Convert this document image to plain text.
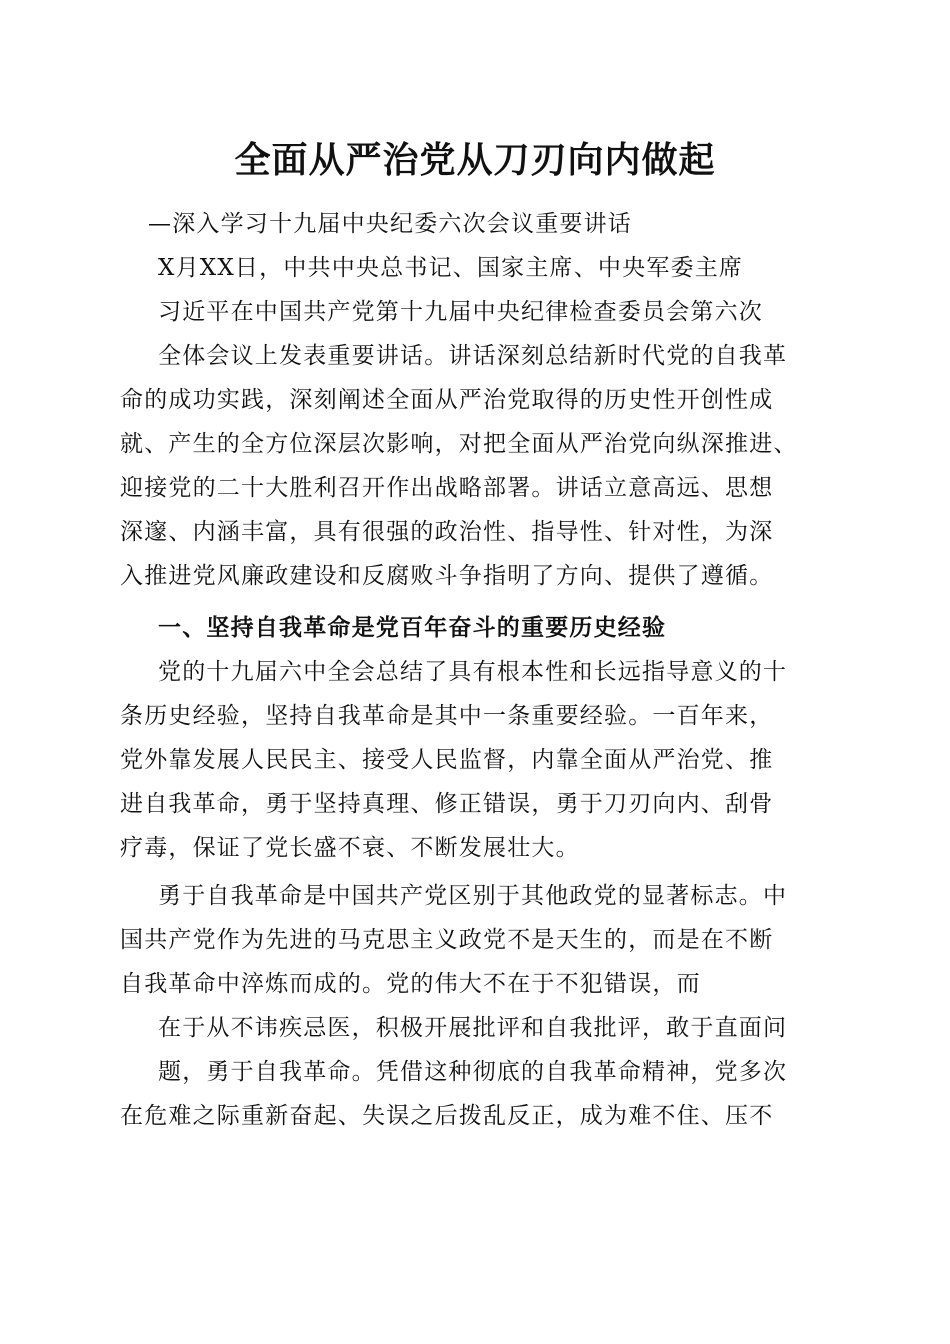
全面从严治党从刀刃向内做起

—深入学习十九届中央纪委六次会议重要讲话

X月XX日，中共中央总书记、国家主席、中央军委主席

习近平在中国共产党第十九届中央纪律检查委员会第六次

全体会议上发表重要讲话。讲话深刻总结新时代党的自我革

命的成功实践，深刻阐述全面从严治党取得的历史性开创性成

就、产生的全方位深层次影响，对把全面从严治党向纵深推进、

迎接党的二十大胜利召开作出战略部署。讲话立意高远、思想

深邃、内涵丰富，具有很强的政治性、指导性、针对性，为深

入推进党风廉政建设和反腐败斗争指明了方向、提供了遵循。

一、坚持自我革命是党百年奋斗的重要历史经验

党的十九届六中全会总结了具有根本性和长远指导意义的十

条历史经验，坚持自我革命是其中一条重要经验。一百年来，

党外靠发展人民民主、接受人民监督，内靠全面从严治党、推

进自我革命，勇于坚持真理、修正错误，勇于刀刃向内、刮骨

疗毒，保证了党长盛不衰、不断发展壮大。

勇于自我革命是中国共产党区别于其他政党的显著标志。中

国共产党作为先进的马克思主义政党不是天生的，而是在不断

自我革命中淬炼而成的。党的伟大不在于不犯错误，而

在于从不讳疾忌医，积极开展批评和自我批评，敢于直面问

题，勇于自我革命。凭借这种彻底的自我革命精神，党多次

在危难之际重新奋起、失误之后拨乱反正，成为难不住、压不
